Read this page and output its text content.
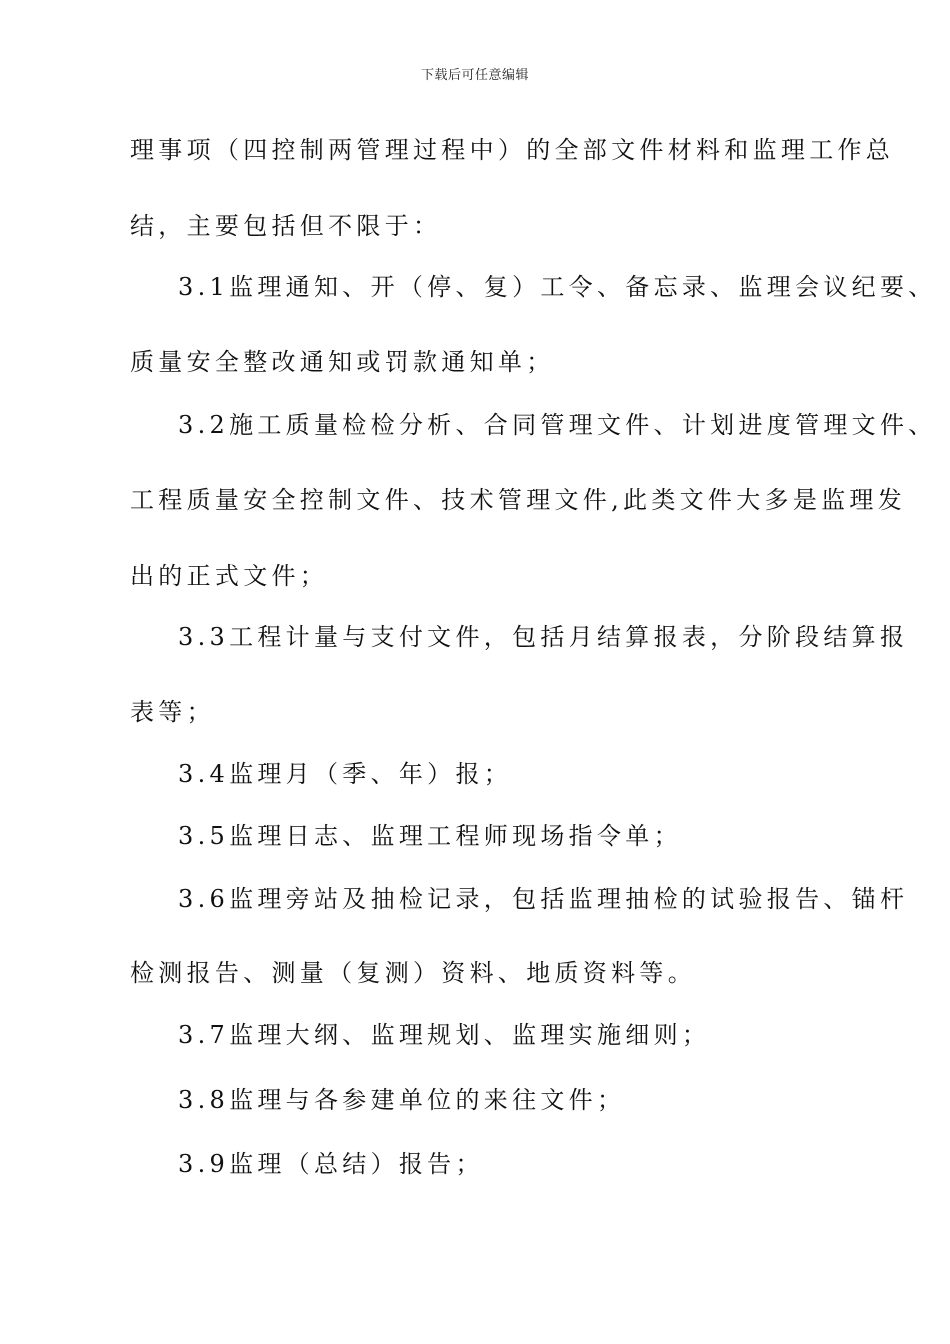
下载后可任意编辑
理事项（四控制两管理过程中）的全部文件材料和监理工作总
结，主要包括但不限于：
3.1监理通知、开（停、复）工令、备忘录、监理会议纪要、
质量安全整改通知或罚款通知单；
3.2施工质量检检分析、合同管理文件、计划进度管理文件、
工程质量安全控制文件、技术管理文件,此类文件大多是监理发
出的正式文件；
3.3工程计量与支付文件，包括月结算报表，分阶段结算报
表等；
3.4监理月（季、年）报；
3.5监理日志、监理工程师现场指令单；
3.6监理旁站及抽检记录，包括监理抽检的试验报告、锚杆
检测报告、测量（复测）资料、地质资料等。
3.7监理大纲、监理规划、监理实施细则；
3.8监理与各参建单位的来往文件；
3.9监理（总结）报告；
